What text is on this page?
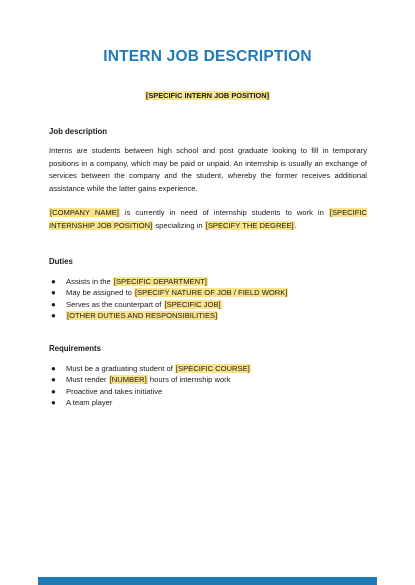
INTERN JOB DESCRIPTION
[SPECIFIC INTERN JOB POSITION]
Job description
Interns are students between high school and post graduate looking to fill in temporary positions in a company, which may be paid or unpaid. An internship is usually an exchange of services between the company and the student, whereby the former receives additional assistance while the latter gains experience.
[COMPANY NAME] is currently in need of internship students to work in [SPECIFIC INTERNSHIP JOB POSITION] specializing in [SPECIFY THE DEGREE].
Duties
● Assists in the [SPECIFIC DEPARTMENT]
● May be assigned to [SPECIFY NATURE OF JOB / FIELD WORK]
● Serves as the counterpart of [SPECIFIC JOB]
● [OTHER DUTIES AND RESPONSIBILITIES]
Requirements
● Must be a graduating student of [SPECIFIC COURSE]
● Must render [NUMBER] hours of internship work
● Proactive and takes initiative
● A team player
